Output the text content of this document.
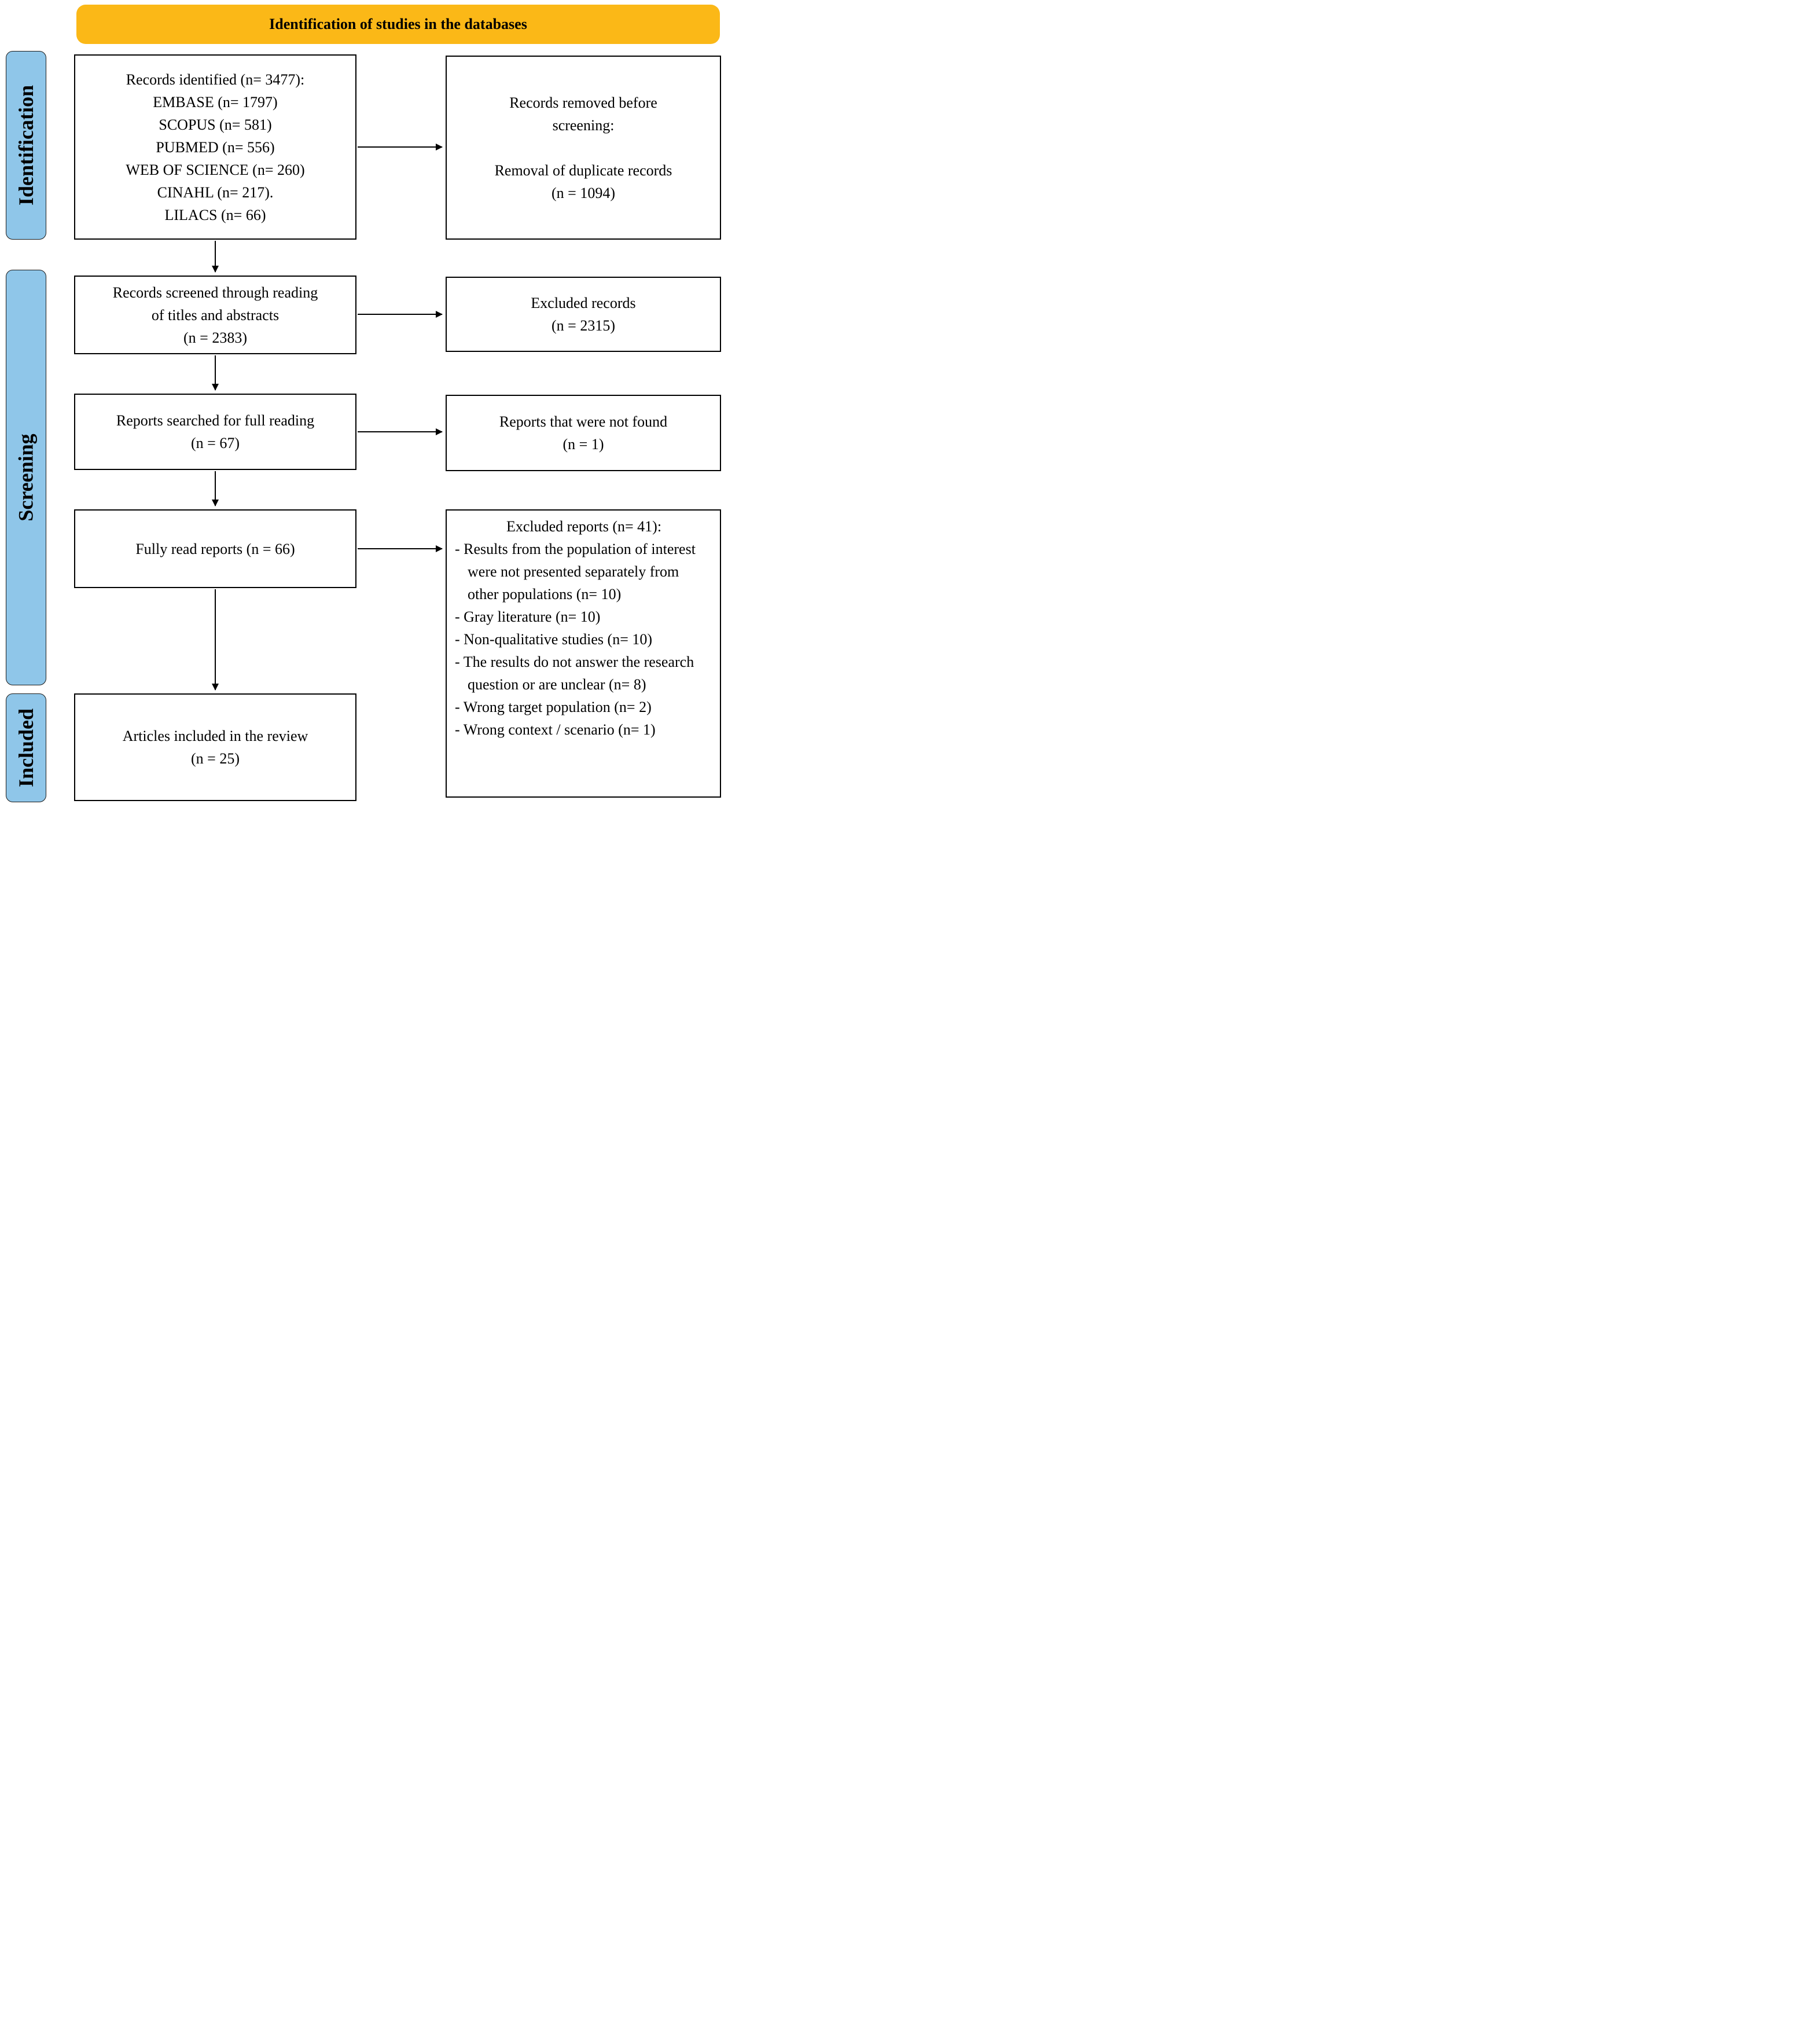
Identification of studies in the databases
Identification
Screening
Included
Records identified (n= 3477):
EMBASE (n= 1797)
SCOPUS (n= 581)
PUBMED (n= 556)
WEB OF SCIENCE (n= 260)
CINAHL (n= 217).
LILACS (n= 66)
Records removed before
screening:

Removal of duplicate records
(n = 1094)
Records screened through reading
of titles and abstracts
(n = 2383)
Excluded records
(n = 2315)
Reports searched for full reading
(n = 67)
Reports that were not found
(n = 1)
Fully read reports (n = 66)
Excluded reports (n= 41):
- Results from the population of interest were not presented separately from other populations (n= 10)
- Gray literature (n= 10)
- Non-qualitative studies (n= 10)
- The results do not answer the research question or are unclear (n= 8)
- Wrong target population (n= 2)
- Wrong context / scenario (n= 1)
Articles included in the review
(n = 25)
